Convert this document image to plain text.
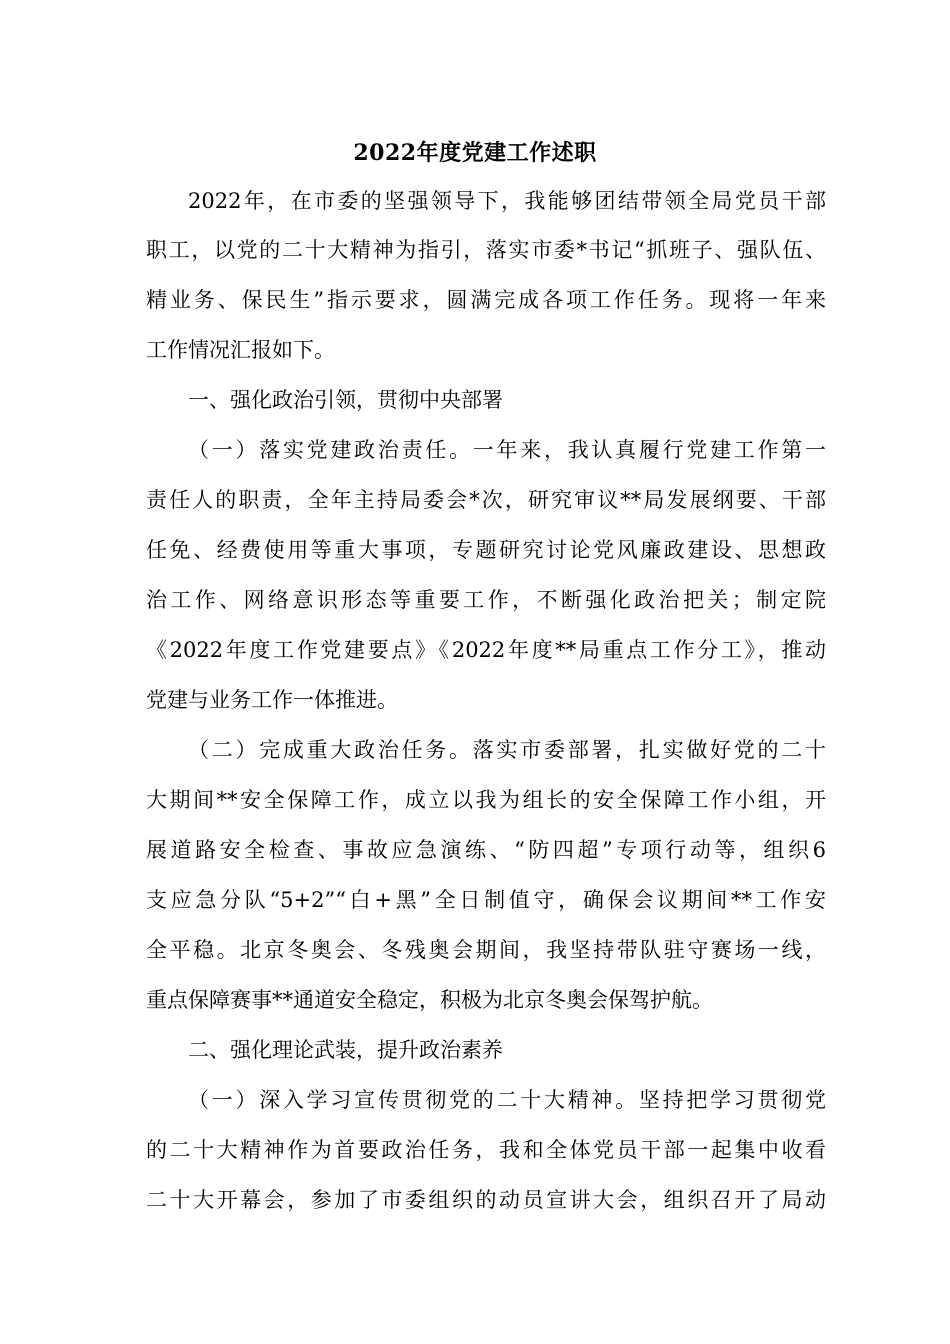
2022年度党建工作述职
2022年，在市委的坚强领导下，我能够团结带领全局党员干部
职工，以党的二十大精神为指引，落实市委*书记“抓班子、强队伍、
精业务、保民生”指示要求，圆满完成各项工作任务。现将一年来
工作情况汇报如下。
一、强化政治引领，贯彻中央部署
（一）落实党建政治责任。一年来，我认真履行党建工作第一
责任人的职责，全年主持局委会*次，研究审议**局发展纲要、干部
任免、经费使用等重大事项，专题研究讨论党风廉政建设、思想政
治工作、网络意识形态等重要工作，不断强化政治把关；制定院
《2022年度工作党建要点》《2022年度**局重点工作分工》，推动
党建与业务工作一体推进。
（二）完成重大政治任务。落实市委部署，扎实做好党的二十
大期间**安全保障工作，成立以我为组长的安全保障工作小组，开
展道路安全检查、事故应急演练、“防四超”专项行动等，组织6
支应急分队“5+2”“白+黑”全日制值守，确保会议期间**工作安
全平稳。北京冬奥会、冬残奥会期间，我坚持带队驻守赛场一线，
重点保障赛事**通道安全稳定，积极为北京冬奥会保驾护航。
二、强化理论武装，提升政治素养
（一）深入学习宣传贯彻党的二十大精神。坚持把学习贯彻党
的二十大精神作为首要政治任务，我和全体党员干部一起集中收看
二十大开幕会，参加了市委组织的动员宣讲大会，组织召开了局动
